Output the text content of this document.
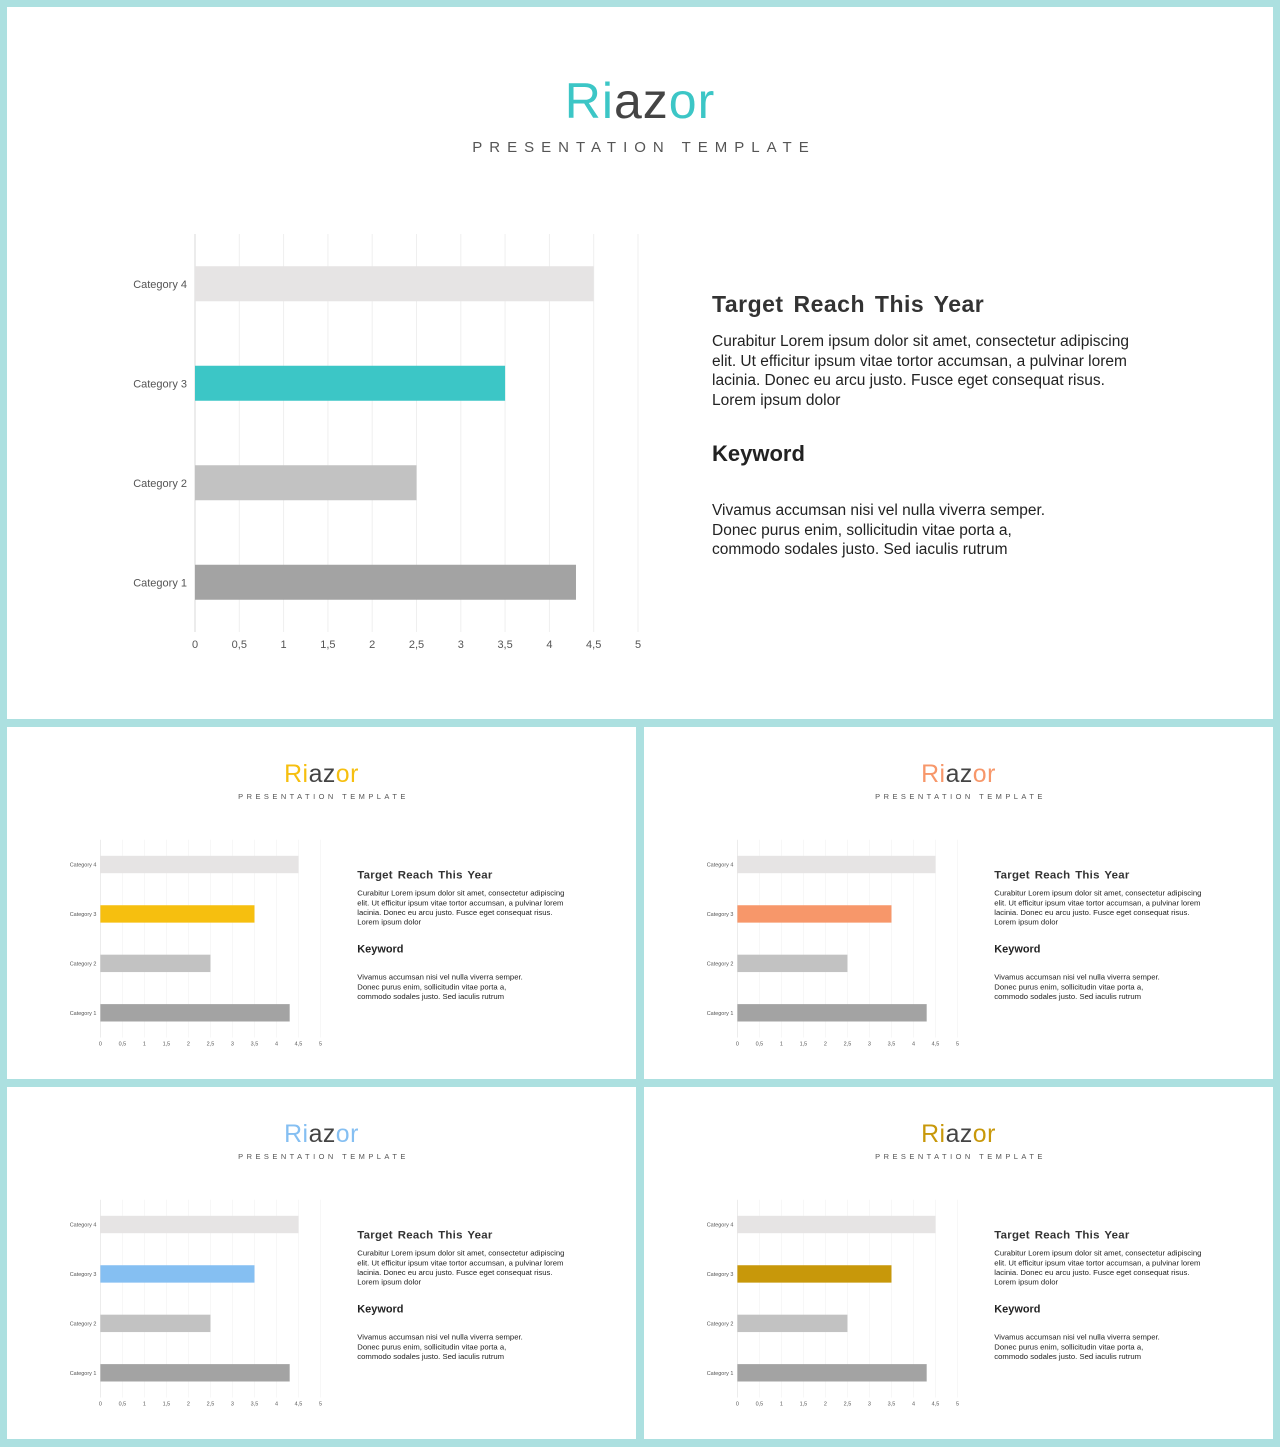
Riazor
PRESENTATION TEMPLATE
Category 1
Category 2
Category 3
Category 4
0	0,5	1	1,5	2	2,5	3	3,5	4	4,5	5
Target Reach This Year

Curabitur Lorem ipsum dolor sit amet, consectetur adipiscing elit. Ut efficitur ipsum vitae tortor accumsan, a pulvinar lorem lacinia. Donec eu arcu justo. Fusce eget consequat risus. Lorem ipsum dolor

Keyword

Vivamus accumsan nisi vel nulla viverra semper. Donec purus enim, sollicitudin vitae porta a, commodo sodales justo. Sed iaculis rutrum

Riazor
PRESENTATION TEMPLATE
Category 1
Category 2
Category 3
Category 4
0 0,5 1 1,5 2 2,5 3 3,5 4 4,5 5
Target Reach This Year

Curabitur Lorem ipsum dolor sit amet, consectetur adipiscing elit. Ut efficitur ipsum vitae tortor accumsan, a pulvinar lorem lacinia. Donec eu arcu justo. Fusce eget consequat risus. Lorem ipsum dolor

Keyword

Vivamus accumsan nisi vel nulla viverra semper. Donec purus enim, sollicitudin vitae porta a, commodo sodales justo. Sed iaculis rutrum

Riazor
PRESENTATION TEMPLATE
Category 1
Category 2
Category 3
Category 4
0 0,5 1 1,5 2 2,5 3 3,5 4 4,5 5
Target Reach This Year

Curabitur Lorem ipsum dolor sit amet, consectetur adipiscing elit. Ut efficitur ipsum vitae tortor accumsan, a pulvinar lorem lacinia. Donec eu arcu justo. Fusce eget consequat risus. Lorem ipsum dolor

Keyword

Vivamus accumsan nisi vel nulla viverra semper. Donec purus enim, sollicitudin vitae porta a, commodo sodales justo. Sed iaculis rutrum

Riazor
PRESENTATION TEMPLATE
Category 1
Category 2
Category 3
Category 4
0 0,5 1 1,5 2 2,5 3 3,5 4 4,5 5
Target Reach This Year

Curabitur Lorem ipsum dolor sit amet, consectetur adipiscing elit. Ut efficitur ipsum vitae tortor accumsan, a pulvinar lorem lacinia. Donec eu arcu justo. Fusce eget consequat risus. Lorem ipsum dolor

Keyword

Vivamus accumsan nisi vel nulla viverra semper. Donec purus enim, sollicitudin vitae porta a, commodo sodales justo. Sed iaculis rutrum

Riazor
PRESENTATION TEMPLATE
Category 1
Category 2
Category 3
Category 4
0 0,5 1 1,5 2 2,5 3 3,5 4 4,5 5
Target Reach This Year

Curabitur Lorem ipsum dolor sit amet, consectetur adipiscing elit. Ut efficitur ipsum vitae tortor accumsan, a pulvinar lorem lacinia. Donec eu arcu justo. Fusce eget consequat risus. Lorem ipsum dolor

Keyword

Vivamus accumsan nisi vel nulla viverra semper. Donec purus enim, sollicitudin vitae porta a, commodo sodales justo. Sed iaculis rutrum
